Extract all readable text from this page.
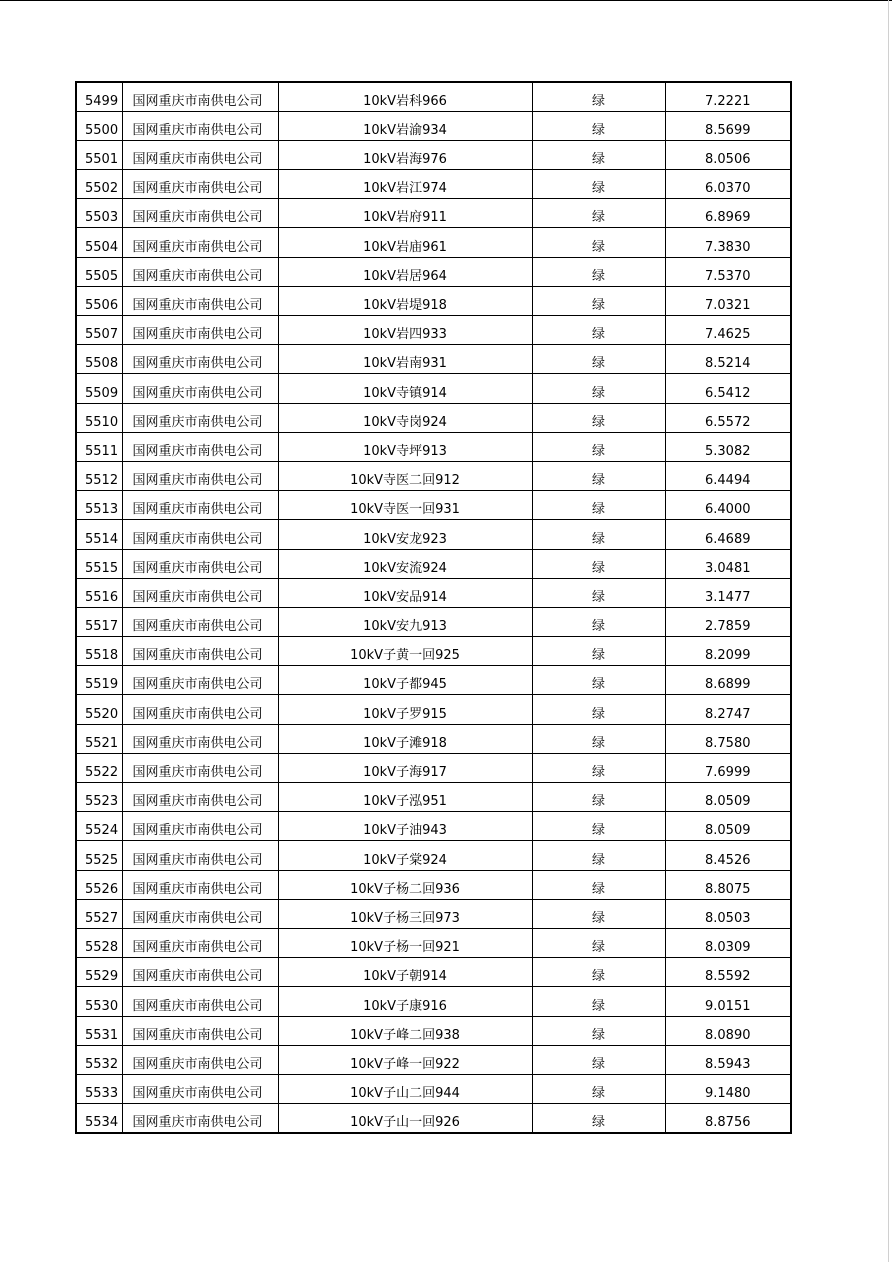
5499	国网重庆市南供电公司	10kV岩科966	绿	7.2221
5500	国网重庆市南供电公司	10kV岩渝934	绿	8.5699
5501	国网重庆市南供电公司	10kV岩海976	绿	8.0506
5502	国网重庆市南供电公司	10kV岩江974	绿	6.0370
5503	国网重庆市南供电公司	10kV岩府911	绿	6.8969
5504	国网重庆市南供电公司	10kV岩庙961	绿	7.3830
5505	国网重庆市南供电公司	10kV岩居964	绿	7.5370
5506	国网重庆市南供电公司	10kV岩堤918	绿	7.0321
5507	国网重庆市南供电公司	10kV岩四933	绿	7.4625
5508	国网重庆市南供电公司	10kV岩南931	绿	8.5214
5509	国网重庆市南供电公司	10kV寺镇914	绿	6.5412
5510	国网重庆市南供电公司	10kV寺岗924	绿	6.5572
5511	国网重庆市南供电公司	10kV寺坪913	绿	5.3082
5512	国网重庆市南供电公司	10kV寺医二回912	绿	6.4494
5513	国网重庆市南供电公司	10kV寺医一回931	绿	6.4000
5514	国网重庆市南供电公司	10kV安龙923	绿	6.4689
5515	国网重庆市南供电公司	10kV安流924	绿	3.0481
5516	国网重庆市南供电公司	10kV安品914	绿	3.1477
5517	国网重庆市南供电公司	10kV安九913	绿	2.7859
5518	国网重庆市南供电公司	10kV子黄一回925	绿	8.2099
5519	国网重庆市南供电公司	10kV子都945	绿	8.6899
5520	国网重庆市南供电公司	10kV子罗915	绿	8.2747
5521	国网重庆市南供电公司	10kV子滩918	绿	8.7580
5522	国网重庆市南供电公司	10kV子海917	绿	7.6999
5523	国网重庆市南供电公司	10kV子泓951	绿	8.0509
5524	国网重庆市南供电公司	10kV子油943	绿	8.0509
5525	国网重庆市南供电公司	10kV子棠924	绿	8.4526
5526	国网重庆市南供电公司	10kV子杨二回936	绿	8.8075
5527	国网重庆市南供电公司	10kV子杨三回973	绿	8.0503
5528	国网重庆市南供电公司	10kV子杨一回921	绿	8.0309
5529	国网重庆市南供电公司	10kV子朝914	绿	8.5592
5530	国网重庆市南供电公司	10kV子康916	绿	9.0151
5531	国网重庆市南供电公司	10kV子峰二回938	绿	8.0890
5532	国网重庆市南供电公司	10kV子峰一回922	绿	8.5943
5533	国网重庆市南供电公司	10kV子山二回944	绿	9.1480
5534	国网重庆市南供电公司	10kV子山一回926	绿	8.8756
